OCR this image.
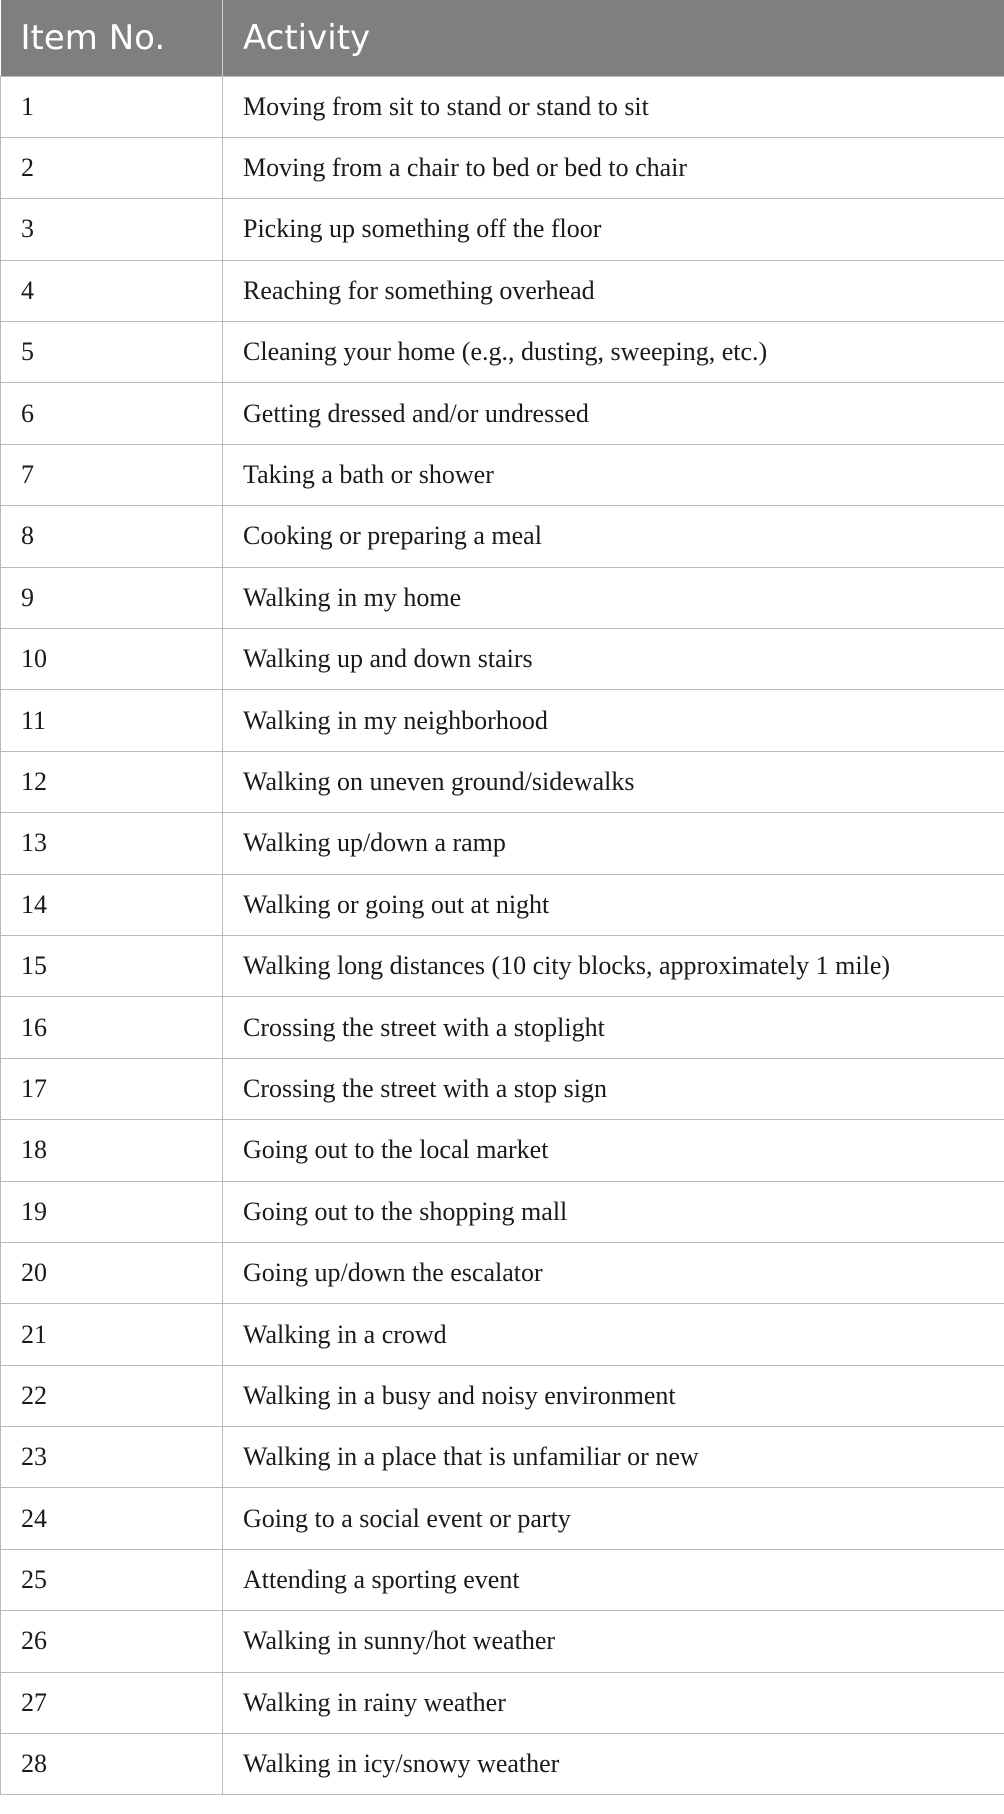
Item No.	Activity
1	Moving from sit to stand or stand to sit
2	Moving from a chair to bed or bed to chair
3	Picking up something off the floor
4	Reaching for something overhead
5	Cleaning your home (e.g., dusting, sweeping, etc.)
6	Getting dressed and/or undressed
7	Taking a bath or shower
8	Cooking or preparing a meal
9	Walking in my home
10	Walking up and down stairs
11	Walking in my neighborhood
12	Walking on uneven ground/sidewalks
13	Walking up/down a ramp
14	Walking or going out at night
15	Walking long distances (10 city blocks, approximately 1 mile)
16	Crossing the street with a stoplight
17	Crossing the street with a stop sign
18	Going out to the local market
19	Going out to the shopping mall
20	Going up/down the escalator
21	Walking in a crowd
22	Walking in a busy and noisy environment
23	Walking in a place that is unfamiliar or new
24	Going to a social event or party
25	Attending a sporting event
26	Walking in sunny/hot weather
27	Walking in rainy weather
28	Walking in icy/snowy weather
